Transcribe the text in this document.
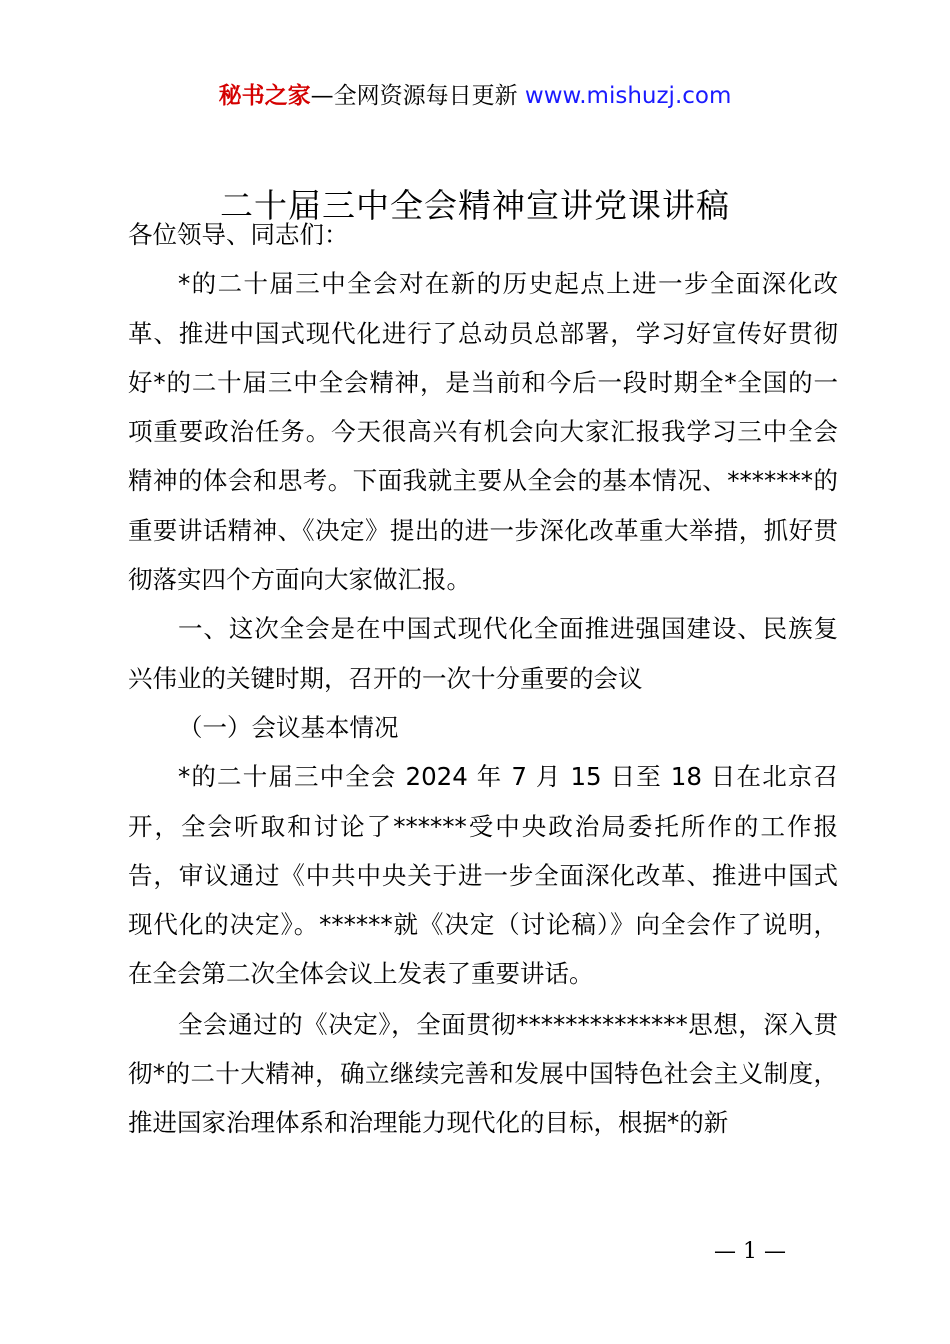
秘书之家—全网资源每日更新 www.mishuzj.com
二十届三中全会精神宣讲党课讲稿

各位领导、同志们：

*的二十届三中全会对在新的历史起点上进一步全面深化改革、推进中国式现代化进行了总动员总部署，学习好宣传好贯彻好*的二十届三中全会精神，是当前和今后一段时期全*全国的一项重要政治任务。今天很高兴有机会向大家汇报我学习三中全会精神的体会和思考。下面我就主要从全会的基本情况、*******的重要讲话精神、《决定》提出的进一步深化改革重大举措，抓好贯彻落实四个方面向大家做汇报。

一、这次全会是在中国式现代化全面推进强国建设、民族复兴伟业的关键时期，召开的一次十分重要的会议

（一）会议基本情况

*的二十届三中全会 2024 年 7 月 15 日至 18 日在北京召开，全会听取和讨论了******受中央政治局委托所作的工作报告，审议通过《中共中央关于进一步全面深化改革、推进中国式现代化的决定》。******就《决定（讨论稿）》向全会作了说明，在全会第二次全体会议上发表了重要讲话。

全会通过的《决定》，全面贯彻**************思想，深入贯彻*的二十大精神，确立继续完善和发展中国特色社会主义制度，推进国家治理体系和治理能力现代化的目标，根据*的新

— 1 —
